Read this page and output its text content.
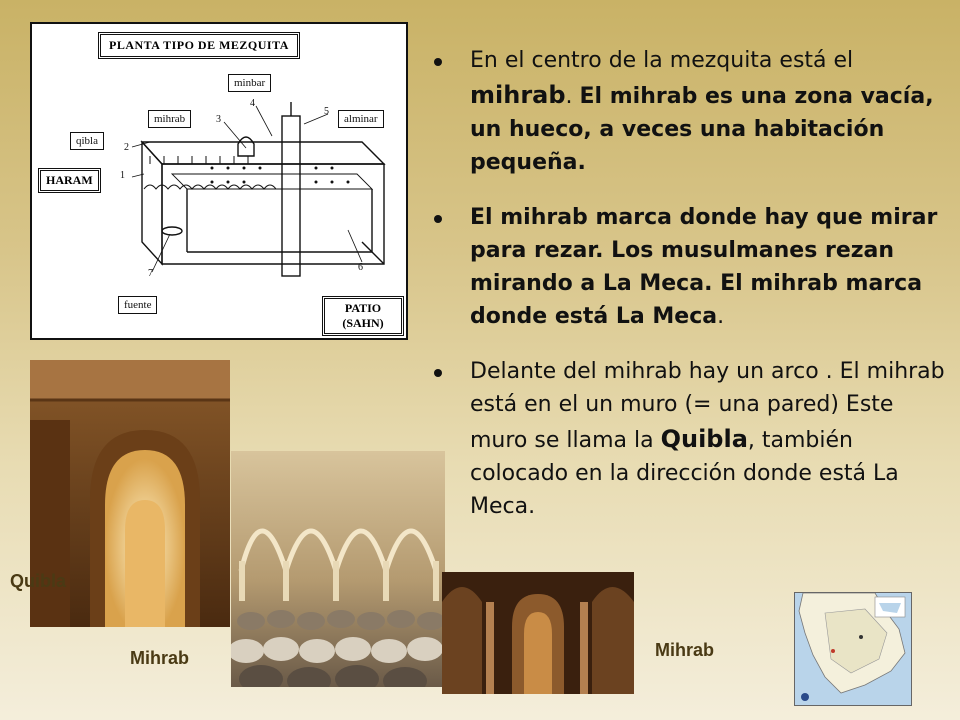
PLANTA TIPO DE MEZQUITA
minbar
mihrab	alminar
qibla
HARAM
fuente	PATIO
(SAHN)
1
2
3
4
5
6
7
Quibla
Mihrab	Mihrab
En el centro de la mezquita está el mihrab. El mihrab es una zona vacía, un hueco, a veces una habitación pequeña.
El mihrab marca donde hay que mirar para rezar. Los musulmanes rezan mirando a La Meca. El mihrab marca donde está La Meca.
Delante del mihrab hay un arco . El mihrab está en el un muro (= una pared) Este muro se llama la Quibla, también colocado en la dirección donde está La Meca.
